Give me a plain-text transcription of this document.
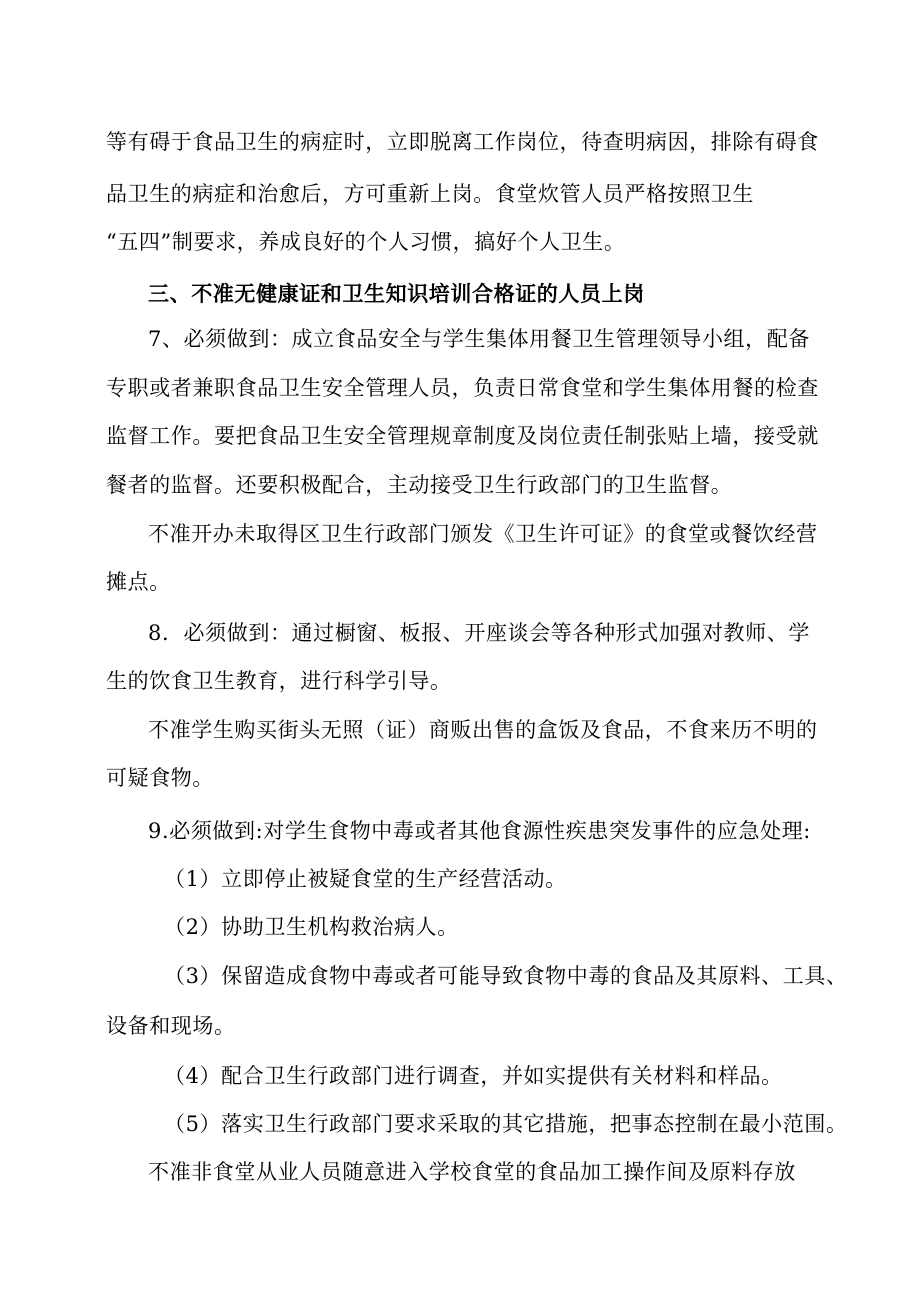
等有碍于食品卫生的病症时，立即脱离工作岗位，待查明病因，排除有碍食
品卫生的病症和治愈后，方可重新上岗。食堂炊管人员严格按照卫生
“五四”制要求，养成良好的个人习惯，搞好个人卫生。
三、不准无健康证和卫生知识培训合格证的人员上岗
7、必须做到：成立食品安全与学生集体用餐卫生管理领导小组，配备
专职或者兼职食品卫生安全管理人员，负责日常食堂和学生集体用餐的检查
监督工作。要把食品卫生安全管理规章制度及岗位责任制张贴上墙，接受就
餐者的监督。还要积极配合，主动接受卫生行政部门的卫生监督。
不准开办未取得区卫生行政部门颁发《卫生许可证》的食堂或餐饮经营
摊点。
8．必须做到：通过橱窗、板报、开座谈会等各种形式加强对教师、学
生的饮食卫生教育，进行科学引导。
不准学生购买街头无照（证）商贩出售的盒饭及食品，不食来历不明的
可疑食物。
9.必须做到:对学生食物中毒或者其他食源性疾患突发事件的应急处理:
（1）立即停止被疑食堂的生产经营活动。
（2）协助卫生机构救治病人。
（3）保留造成食物中毒或者可能导致食物中毒的食品及其原料、工具、
设备和现场。
（4）配合卫生行政部门进行调查，并如实提供有关材料和样品。
（5）落实卫生行政部门要求采取的其它措施，把事态控制在最小范围。
不准非食堂从业人员随意进入学校食堂的食品加工操作间及原料存放
